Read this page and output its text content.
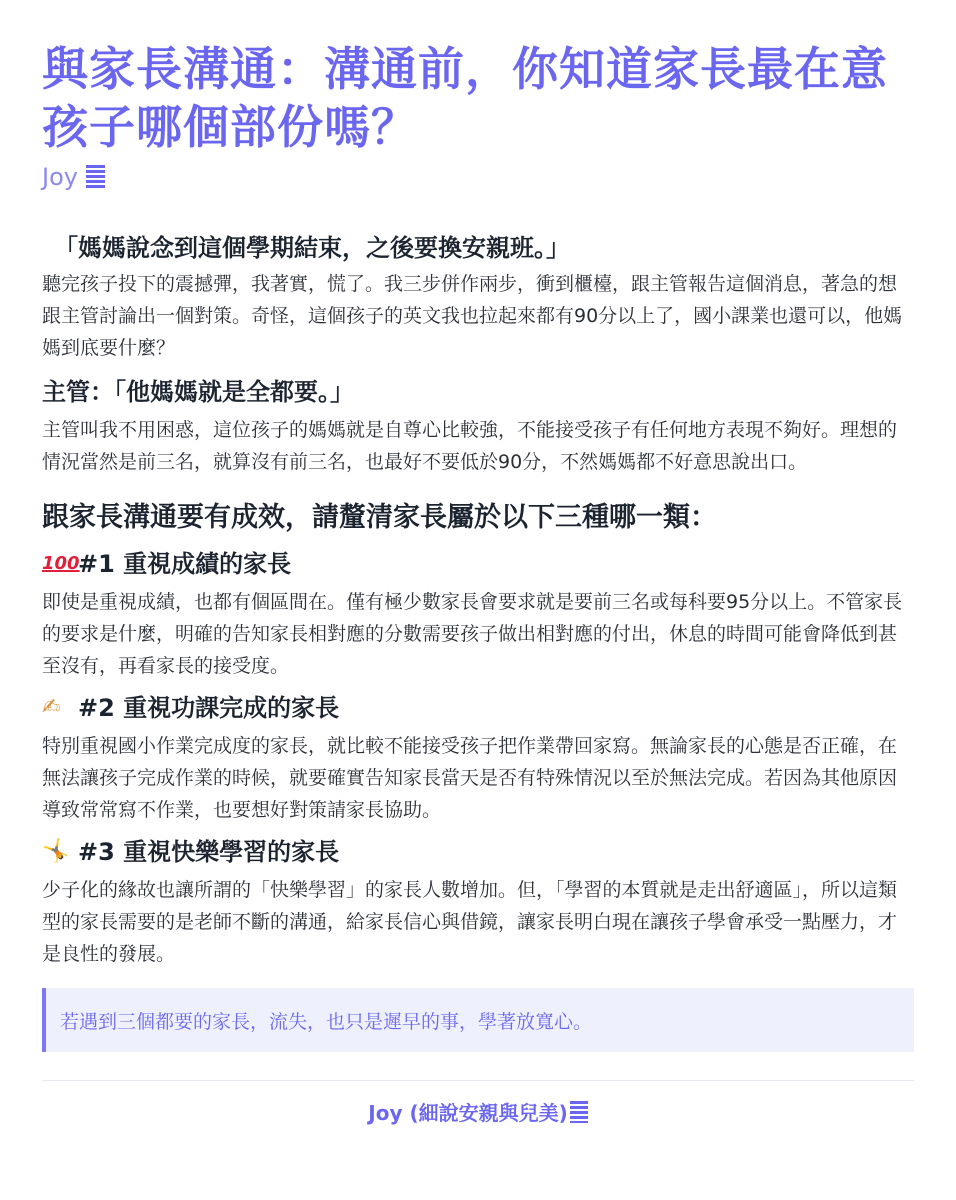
與家長溝通：溝通前，你知道家長最在意孩子哪個部份嗎？
Joy
「媽媽說念到這個學期結束，之後要換安親班。」

聽完孩子投下的震撼彈，我著實，慌了。我三步併作兩步，衝到櫃檯，跟主管報告這個消息，著急的想跟主管討論出一個對策。奇怪，這個孩子的英文我也拉起來都有90分以上了，國小課業也還可以，他媽媽到底要什麼？

主管：「他媽媽就是全都要。」

主管叫我不用困惑，這位孩子的媽媽就是自尊心比較強，不能接受孩子有任何地方表現不夠好。理想的情況當然是前三名，就算沒有前三名，也最好不要低於90分，不然媽媽都不好意思說出口。

跟家長溝通要有成效，請釐清家長屬於以下三種哪一類：
100
#1 重視成績的家長

即使是重視成績，也都有個區間在。僅有極少數家長會要求就是要前三名或每科要95分以上。不管家長的要求是什麼，明確的告知家長相對應的分數需要孩子做出相對應的付出，休息的時間可能會降低到甚至沒有，再看家長的接受度。

✍ #2 重視功課完成的家長

特別重視國小作業完成度的家長，就比較不能接受孩子把作業帶回家寫。無論家長的心態是否正確，在無法讓孩子完成作業的時候，就要確實告知家長當天是否有特殊情況以至於無法完成。若因為其他原因導致常常寫不作業，也要想好對策請家長協助。

🤸 #3 重視快樂學習的家長

少子化的緣故也讓所謂的「快樂學習」的家長人數增加。但，「學習的本質就是走出舒適區」，所以這類型的家長需要的是老師不斷的溝通，給家長信心與借鏡，讓家長明白現在讓孩子學會承受一點壓力，才是良性的發展。

若遇到三個都要的家長，流失，也只是遲早的事，學著放寬心。
Joy (細說安親與兒美)
